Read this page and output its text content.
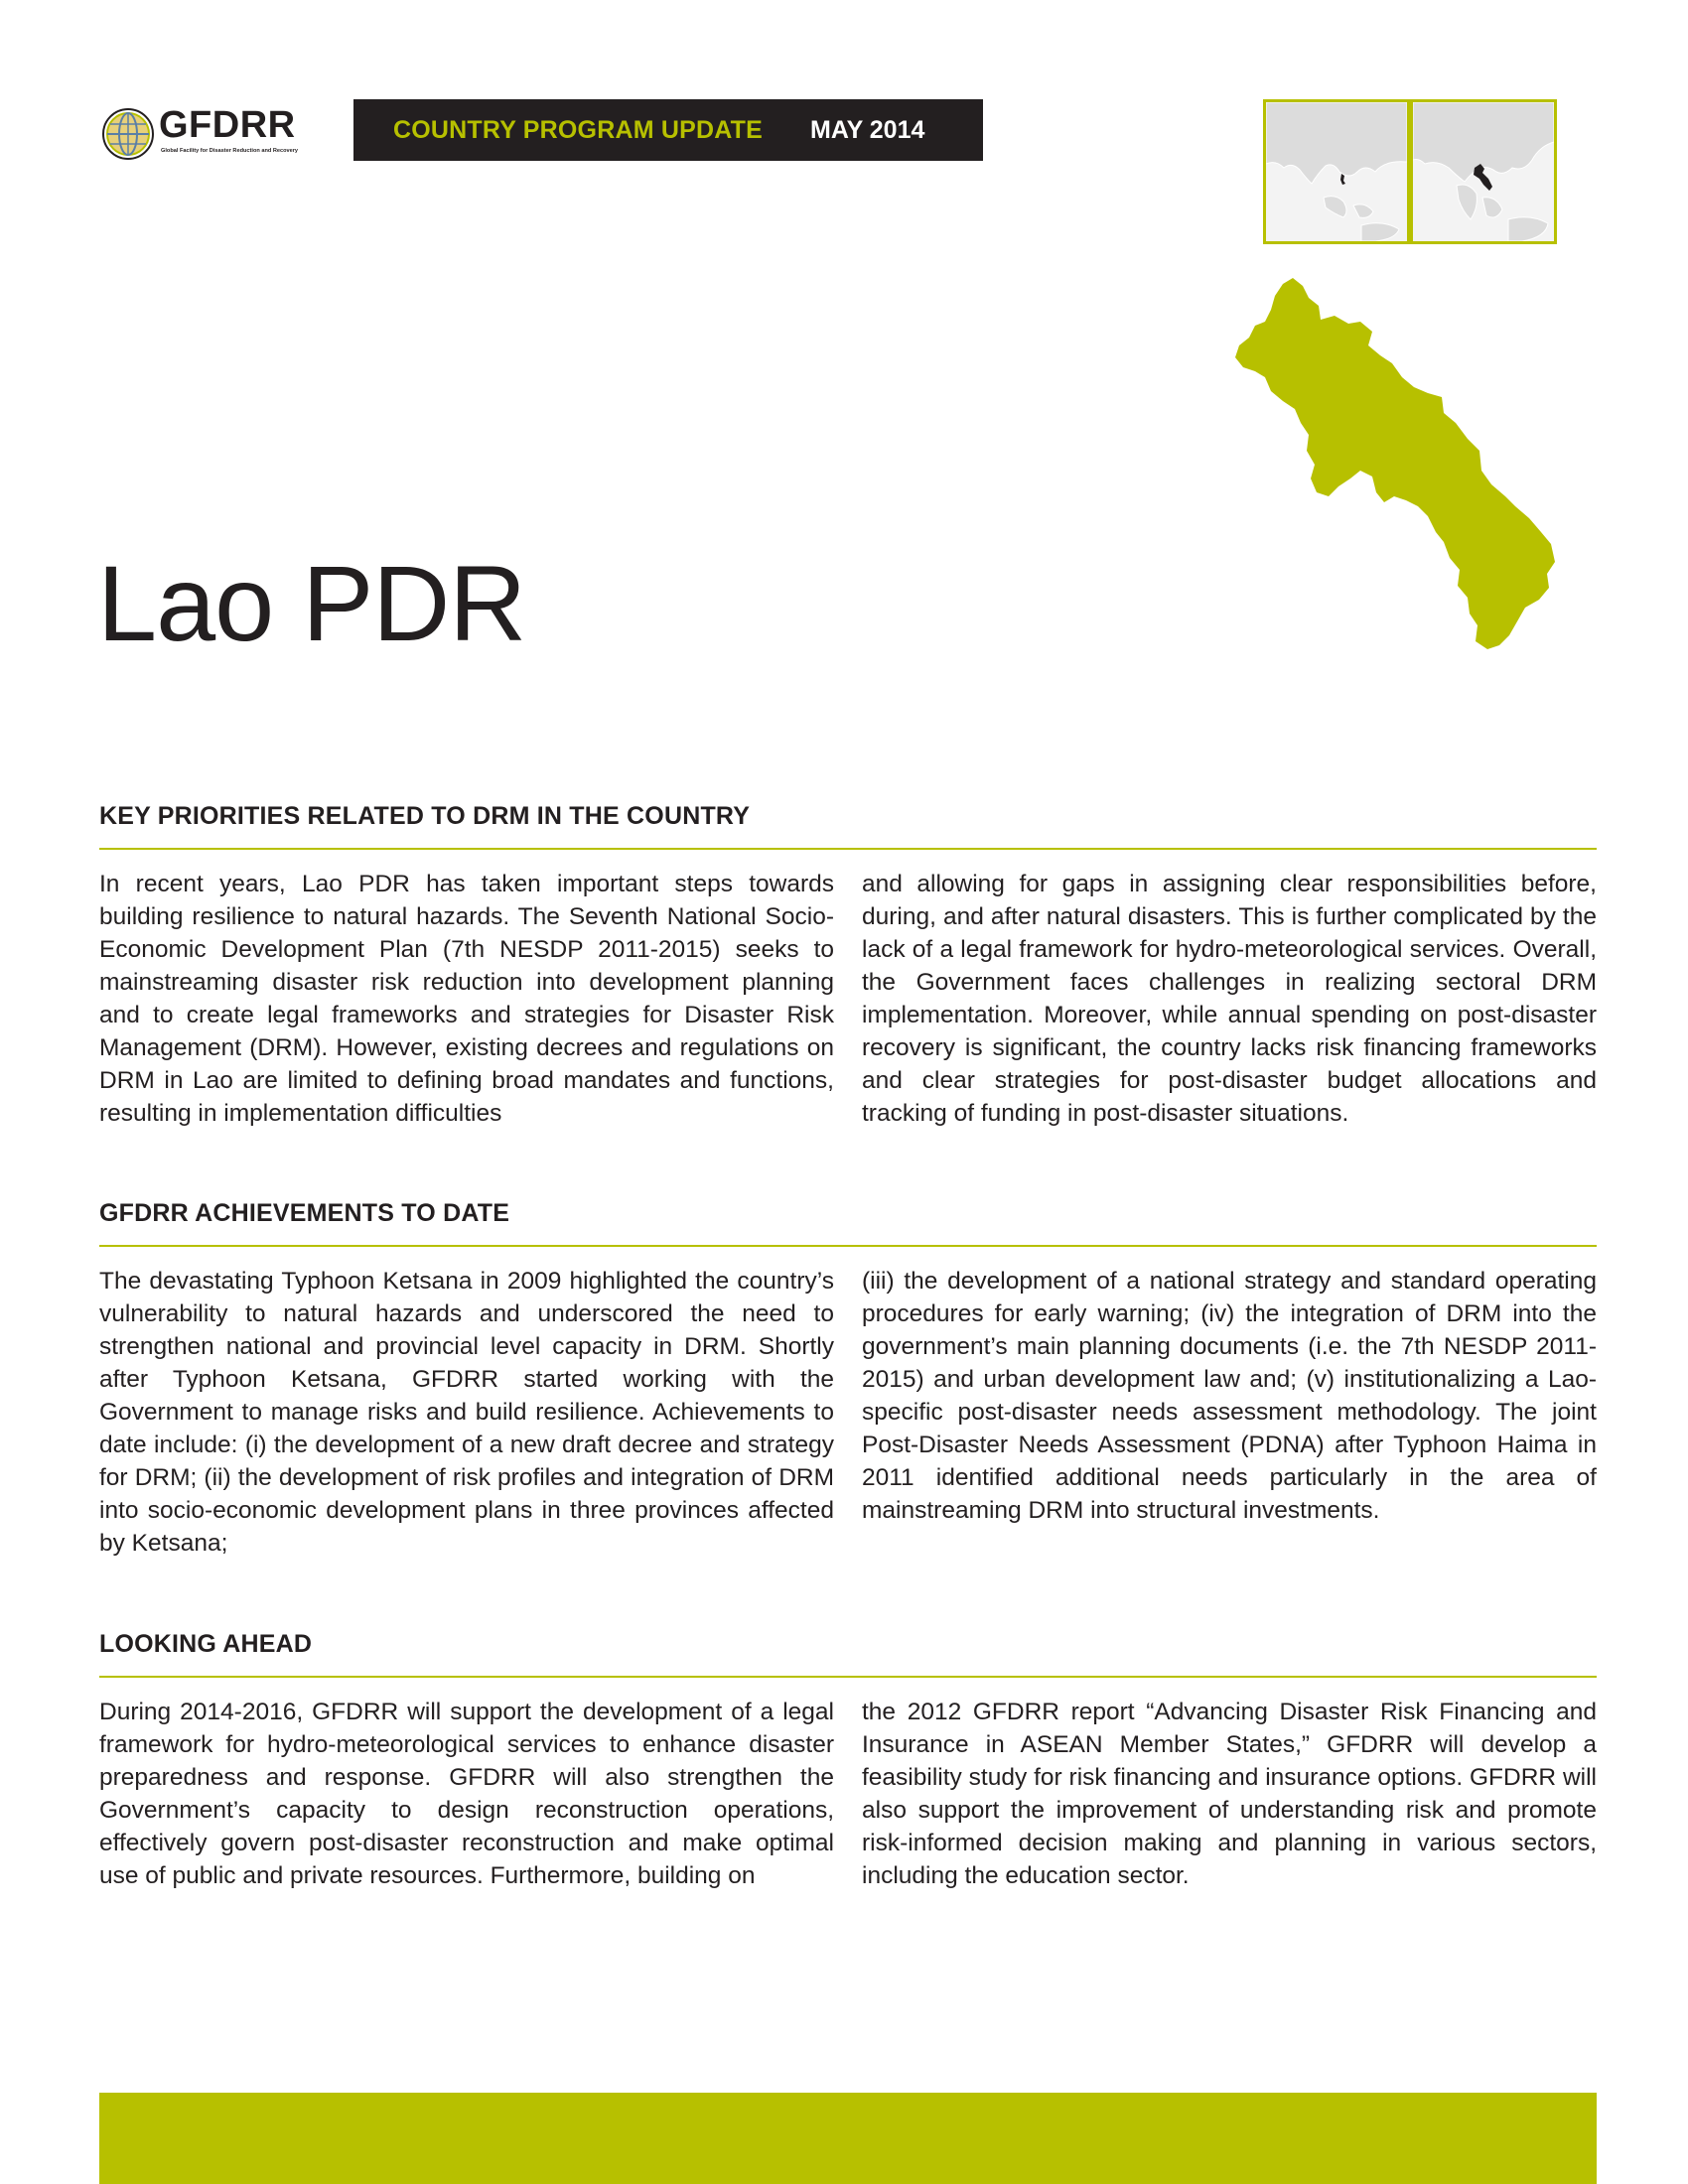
GFDRR
Global Facility for Disaster Reduction and Recovery
COUNTRY PROGRAM UPDATE MAY 2014
Lao PDR
KEY PRIORITIES RELATED TO DRM IN THE COUNTRY

In recent years, Lao PDR has taken important steps towards building resilience to natural hazards. The Seventh National Socio-Economic Development Plan (7th NESDP 2011-2015) seeks to mainstreaming disaster risk reduction into development planning and to create legal frameworks and strategies for Disaster Risk Management (DRM). However, existing decrees and regulations on DRM in Lao are limited to defining broad mandates and functions, resulting in implementation difficulties

and allowing for gaps in assigning clear responsibilities before, during, and after natural disasters. This is further complicated by the lack of a legal framework for hydro-meteorological services. Overall, the Government faces challenges in realizing sectoral DRM implementation. Moreover, while annual spending on post-disaster recovery is significant, the country lacks risk financing frameworks and clear strategies for post-disaster budget allocations and tracking of funding in post-disaster situations.

GFDRR ACHIEVEMENTS TO DATE

The devastating Typhoon Ketsana in 2009 highlighted the country’s vulnerability to natural hazards and underscored the need to strengthen national and provincial level capacity in DRM. Shortly after Typhoon Ketsana, GFDRR started working with the Government to manage risks and build resilience. Achievements to date include: (i) the development of a new draft decree and strategy for DRM; (ii) the development of risk profiles and integration of DRM into socio-economic development plans in three provinces affected by Ketsana;

(iii) the development of a national strategy and standard operating procedures for early warning; (iv) the integration of DRM into the government’s main planning documents (i.e. the 7th NESDP 2011-2015) and urban development law and; (v) institutionalizing a Lao-specific post-disaster needs assessment methodology. The joint Post-Disaster Needs Assessment (PDNA) after Typhoon Haima in 2011 identified additional needs particularly in the area of mainstreaming DRM into structural investments.

LOOKING AHEAD

During 2014-2016, GFDRR will support the development of a legal framework for hydro-meteorological services to enhance disaster preparedness and response. GFDRR will also strengthen the Government’s capacity to design reconstruction operations, effectively govern post-disaster reconstruction and make optimal use of public and private resources. Furthermore, building on

the 2012 GFDRR report “Advancing Disaster Risk Financing and Insurance in ASEAN Member States,” GFDRR will develop a feasibility study for risk financing and insurance options. GFDRR will also support the improvement of understanding risk and promote risk-informed decision making and planning in various sectors, including the education sector.
